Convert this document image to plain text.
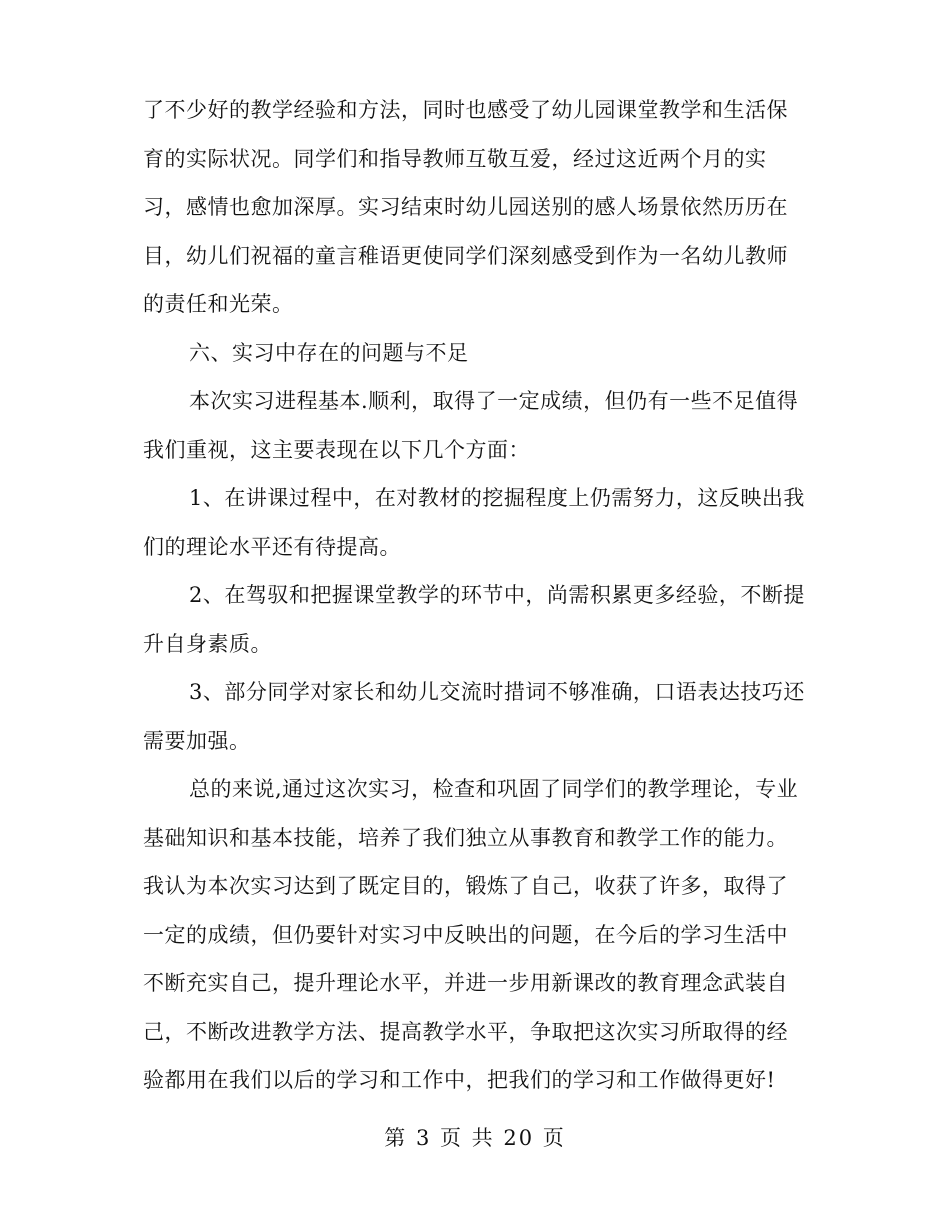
了不少好的教学经验和方法，同时也感受了幼儿园课堂教学和生活保
育的实际状况。同学们和指导教师互敬互爱，经过这近两个月的实
习，感情也愈加深厚。实习结束时幼儿园送别的感人场景依然历历在
目，幼儿们祝福的童言稚语更使同学们深刻感受到作为一名幼儿教师
的责任和光荣。
六、实习中存在的问题与不足
本次实习进程基本.顺利，取得了一定成绩，但仍有一些不足值得
我们重视，这主要表现在以下几个方面：
1、在讲课过程中，在对教材的挖掘程度上仍需努力，这反映出我
们的理论水平还有待提高。
2、在驾驭和把握课堂教学的环节中，尚需积累更多经验，不断提
升自身素质。
3、部分同学对家长和幼儿交流时措词不够准确，口语表达技巧还
需要加强。
总的来说,通过这次实习，检查和巩固了同学们的教学理论，专业
基础知识和基本技能，培养了我们独立从事教育和教学工作的能力。
我认为本次实习达到了既定目的，锻炼了自己，收获了许多，取得了
一定的成绩，但仍要针对实习中反映出的问题，在今后的学习生活中
不断充实自己，提升理论水平，并进一步用新课改的教育理念武装自
己，不断改进教学方法、提高教学水平，争取把这次实习所取得的经
验都用在我们以后的学习和工作中，把我们的学习和工作做得更好!
第 3 页 共 20 页
